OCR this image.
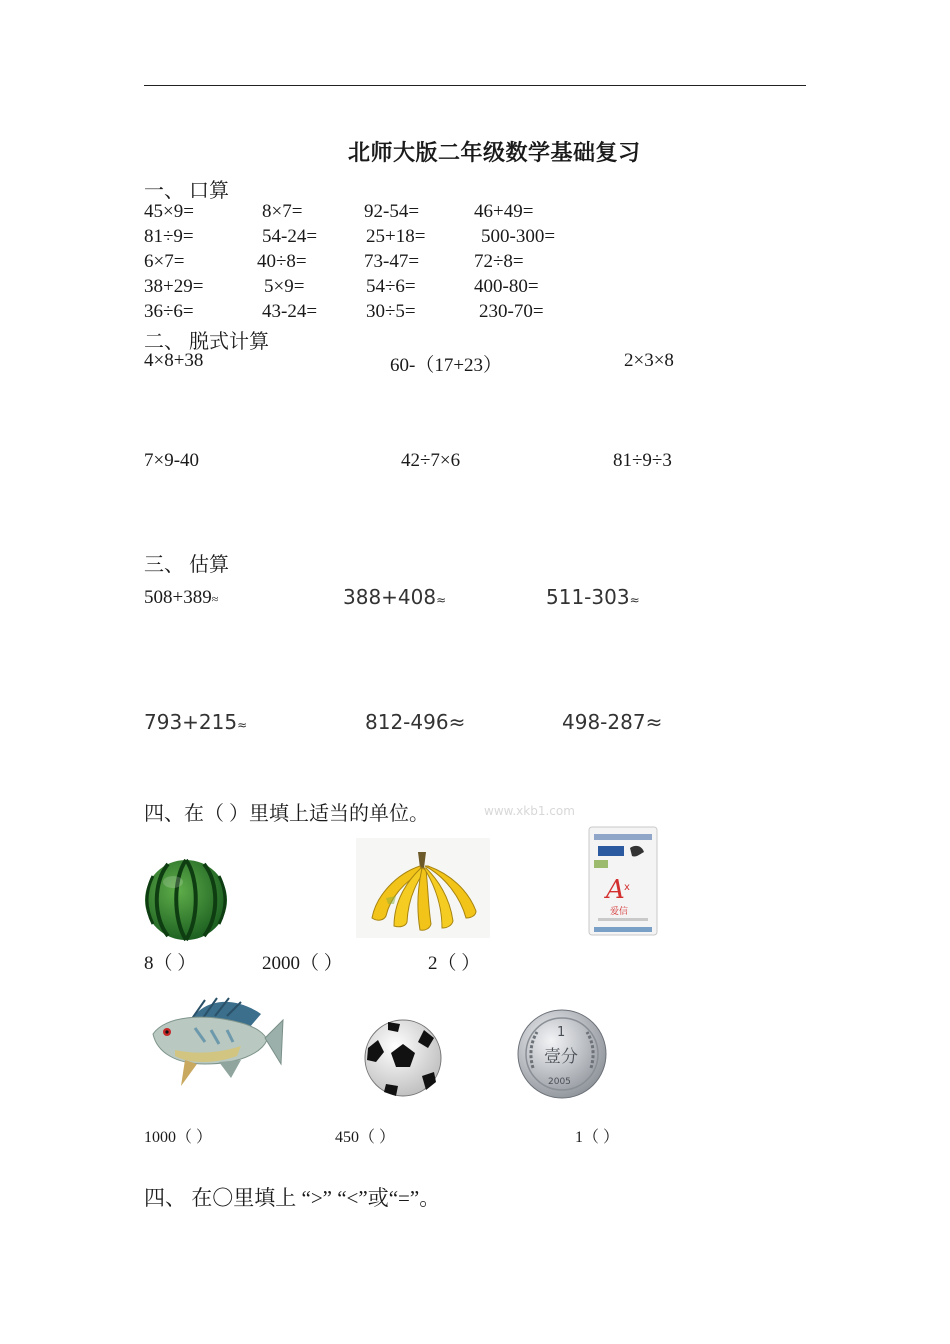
北师大版二年级数学基础复习
一、 口算
45×9=	8×7=	92-54=	46+49=
81÷9=	54-24=	25+18=	500-300=
6×7=	40÷8=	73-47=	72÷8=
38+29=	5×9=	54÷6=	400-80=
36÷6=	43-24=	30÷5=	230-70=
二、 脱式计算
4×8+38	60-（17+23）	2×3×8
7×9-40	42÷7×6	81÷9÷3
三、 估算
508+389≈	388+408≈	511-303≈
793+215≈	812-496≈	498-287≈
四、在（ ）里填上适当的单位。	www.xkb1.com
A x
爱信
8（ ）	2000（ ）	2（ ）
1
壹分
2005
1000（ ）	450（ ）	1（ ）
四、 在〇里填上 “>” “<”或“=”。
